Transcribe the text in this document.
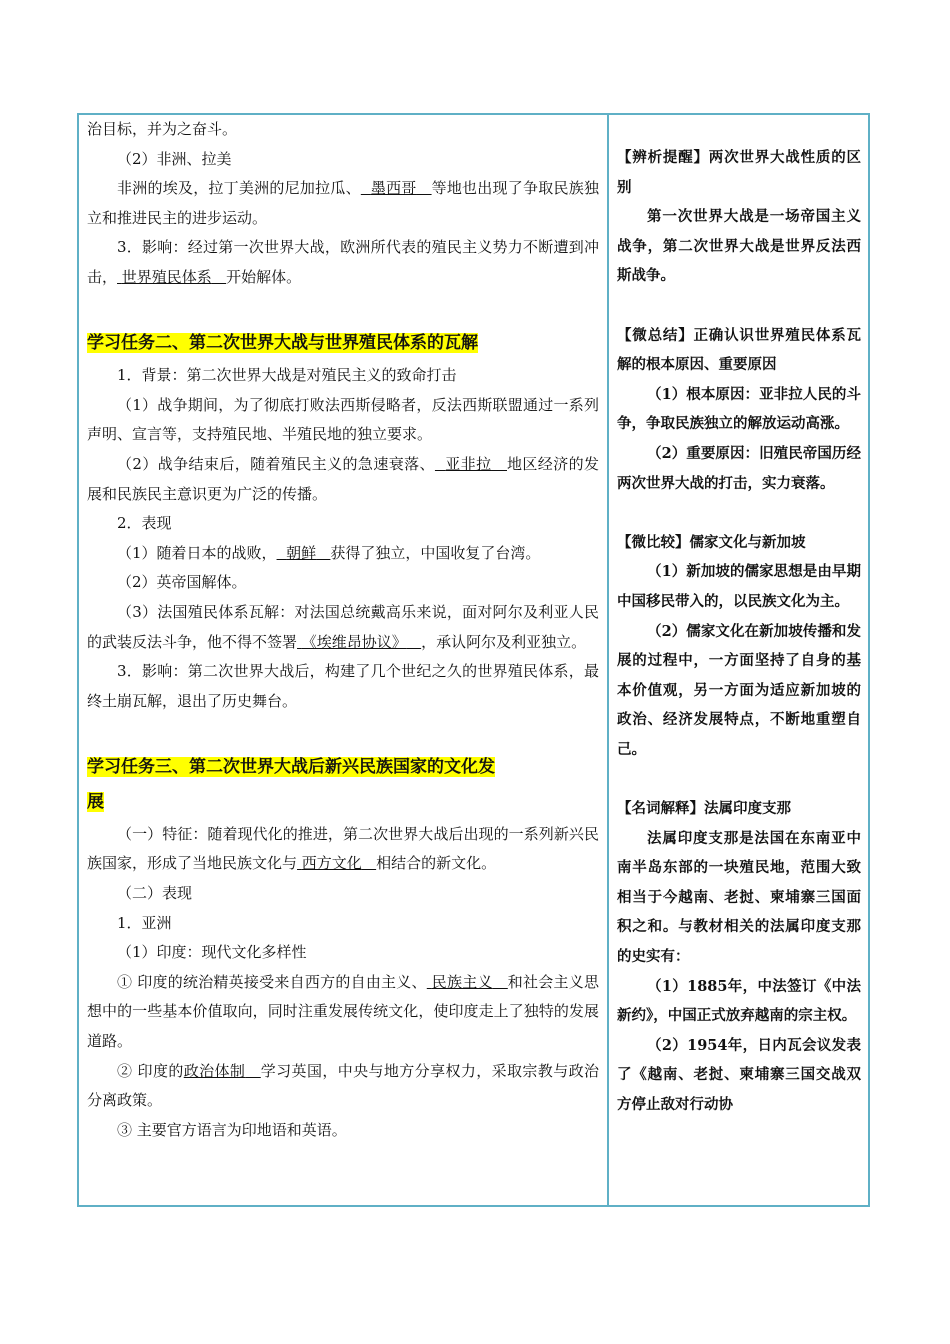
治目标，并为之奋斗。

（2）非洲、拉美

非洲的埃及，拉丁美洲的尼加拉瓜、 墨西哥 等地也出现了争取民族独立和推进民主的进步运动。

3．影响：经过第一次世界大战，欧洲所代表的殖民主义势力不断遭到冲击， 世界殖民体系 开始解体。

学习任务二、第二次世界大战与世界殖民体系的瓦解

1．背景：第二次世界大战是对殖民主义的致命打击

（1）战争期间，为了彻底打败法西斯侵略者，反法西斯联盟通过一系列声明、宣言等，支持殖民地、半殖民地的独立要求。

（2）战争结束后，随着殖民主义的急速衰落、 亚非拉 地区经济的发展和民族民主意识更为广泛的传播。

2．表现

（1）随着日本的战败， 朝鲜 获得了独立，中国收复了台湾。

（2）英帝国解体。

（3）法国殖民体系瓦解：对法国总统戴高乐来说，面对阿尔及利亚人民的武装反法斗争，他不得不签署 《埃维昂协议》 ，承认阿尔及利亚独立。

3．影响：第二次世界大战后，构建了几个世纪之久的世界殖民体系，最终土崩瓦解，退出了历史舞台。

学习任务三、第二次世界大战后新兴民族国家的文化发

展

（一）特征：随着现代化的推进，第二次世界大战后出现的一系列新兴民族国家，形成了当地民族文化与 西方文化 相结合的新文化。

（二）表现

1．亚洲

（1）印度：现代文化多样性

① 印度的统治精英接受来自西方的自由主义、 民族主义 和社会主义思想中的一些基本价值取向，同时注重发展传统文化，使印度走上了独特的发展道路。

② 印度的政治体制 学习英国，中央与地方分享权力，采取宗教与政治分离政策。

③ 主要官方语言为印地语和英语。

【辨析提醒】两次世界大战性质的区别

第一次世界大战是一场帝国主义战争，第二次世界大战是世界反法西斯战争。

【微总结】正确认识世界殖民体系瓦解的根本原因、重要原因

（1）根本原因：亚非拉人民的斗争，争取民族独立的解放运动高涨。

（2）重要原因：旧殖民帝国历经两次世界大战的打击，实力衰落。

【微比较】儒家文化与新加坡

（1）新加坡的儒家思想是由早期中国移民带入的，以民族文化为主。

（2）儒家文化在新加坡传播和发展的过程中，一方面坚持了自身的基本价值观，另一方面为适应新加坡的政治、经济发展特点，不断地重塑自己。

【名词解释】法属印度支那

法属印度支那是法国在东南亚中南半岛东部的一块殖民地，范围大致相当于今越南、老挝、柬埔寨三国面积之和。与教材相关的法属印度支那的史实有：

（1）1885年，中法签订《中法新约》，中国正式放弃越南的宗主权。

（2）1954年，日内瓦会议发表了《越南、老挝、柬埔寨三国交战双方停止敌对行动协
